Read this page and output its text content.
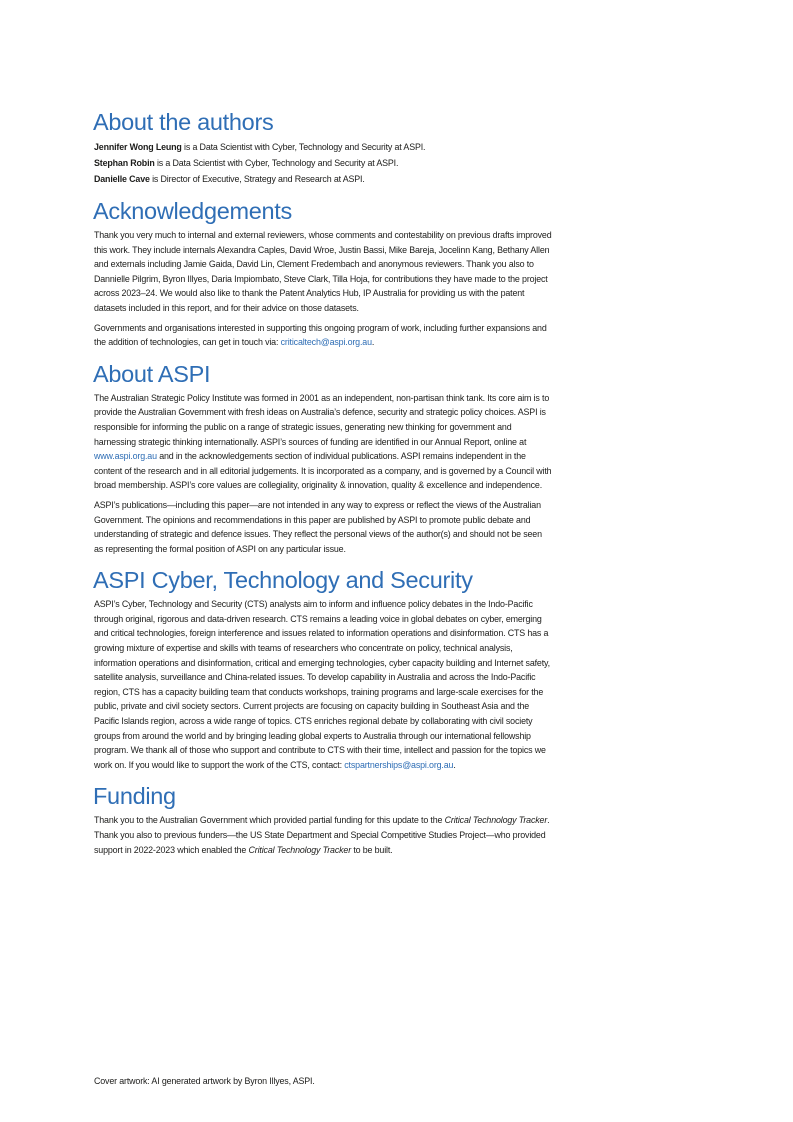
About the authors
Jennifer Wong Leung is a Data Scientist with Cyber, Technology and Security at ASPI.
Stephan Robin is a Data Scientist with Cyber, Technology and Security at ASPI.
Danielle Cave is Director of Executive, Strategy and Research at ASPI.
Acknowledgements

Thank you very much to internal and external reviewers, whose comments and contestability on previous drafts improved this work. They include internals Alexandra Caples, David Wroe, Justin Bassi, Mike Bareja, Jocelinn Kang, Bethany Allen and externals including Jamie Gaida, David Lin, Clement Fredembach and anonymous reviewers. Thank you also to Dannielle Pilgrim, Byron Illyes, Daria Impiombato, Steve Clark, Tilla Hoja, for contributions they have made to the project across 2023–24. We would also like to thank the Patent Analytics Hub, IP Australia for providing us with the patent datasets included in this report, and for their advice on those datasets.

Governments and organisations interested in supporting this ongoing program of work, including further expansions and the addition of technologies, can get in touch via: criticaltech@aspi.org.au.

About ASPI

The Australian Strategic Policy Institute was formed in 2001 as an independent, non‑partisan think tank. Its core aim is to provide the Australian Government with fresh ideas on Australia’s defence, security and strategic policy choices. ASPI is responsible for informing the public on a range of strategic issues, generating new thinking for government and harnessing strategic thinking internationally. ASPI’s sources of funding are identified in our Annual Report, online at www.aspi.org.au and in the acknowledgements section of individual publications. ASPI remains independent in the content of the research and in all editorial judgements. It is incorporated as a company, and is governed by a Council with broad membership. ASPI’s core values are collegiality, originality & innovation, quality & excellence and independence.

ASPI’s publications—including this paper—are not intended in any way to express or reflect the views of the Australian Government. The opinions and recommendations in this paper are published by ASPI to promote public debate and understanding of strategic and defence issues. They reflect the personal views of the author(s) and should not be seen as representing the formal position of ASPI on any particular issue.

ASPI Cyber, Technology and Security

ASPI’s Cyber, Technology and Security (CTS) analysts aim to inform and influence policy debates in the Indo-Pacific through original, rigorous and data-driven research. CTS remains a leading voice in global debates on cyber, emerging and critical technologies, foreign interference and issues related to information operations and disinformation. CTS has a growing mixture of expertise and skills with teams of researchers who concentrate on policy, technical analysis, information operations and disinformation, critical and emerging technologies, cyber capacity building and Internet safety, satellite analysis, surveillance and China-related issues. To develop capability in Australia and across the Indo-Pacific region, CTS has a capacity building team that conducts workshops, training programs and large-scale exercises for the public, private and civil society sectors. Current projects are focusing on capacity building in Southeast Asia and the Pacific Islands region, across a wide range of topics. CTS enriches regional debate by collaborating with civil society groups from around the world and by bringing leading global experts to Australia through our international fellowship program. We thank all of those who support and contribute to CTS with their time, intellect and passion for the topics we work on. If you would like to support the work of the CTS, contact: ctspartnerships@aspi.org.au.

Funding

Thank you to the Australian Government which provided partial funding for this update to the Critical Technology Tracker. Thank you also to previous funders—the US State Department and Special Competitive Studies Project—who provided support in 2022-2023 which enabled the Critical Technology Tracker to be built.

Cover artwork: AI generated artwork by Byron Illyes, ASPI.
